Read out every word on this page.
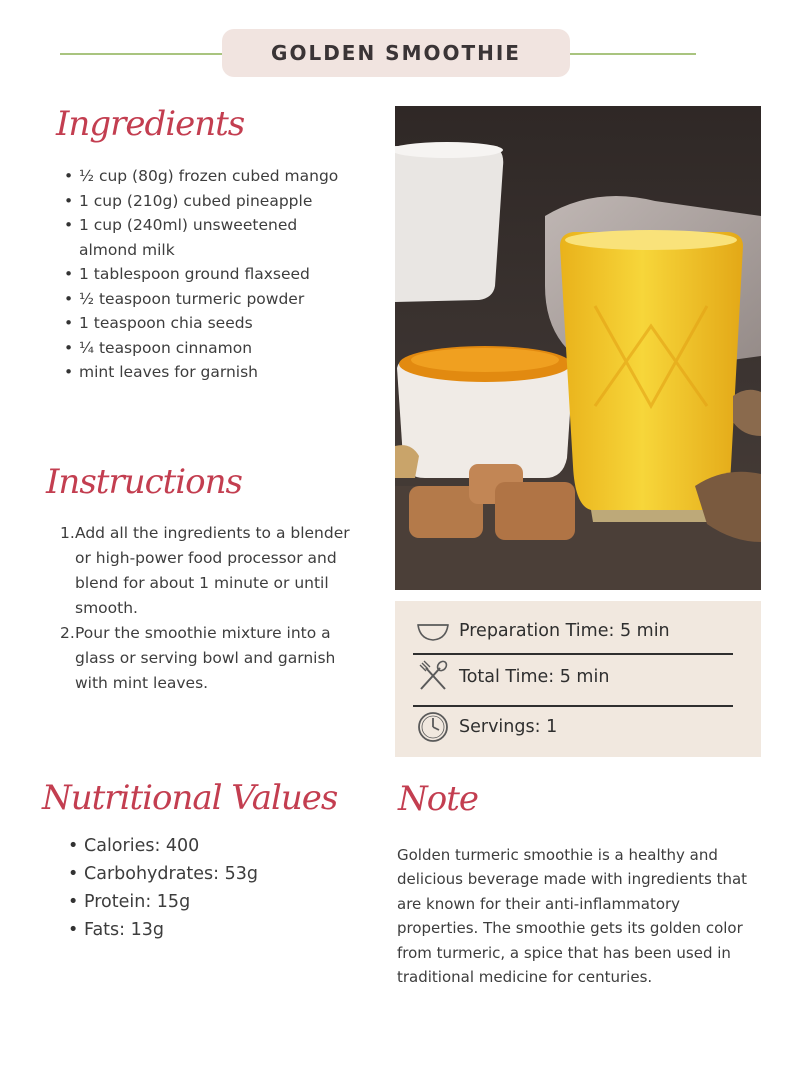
GOLDEN SMOOTHIE
Ingredients
• ½ cup (80g) frozen cubed mango
• 1 cup (210g) cubed pineapple
• 1 cup (240ml) unsweetened almond milk
• 1 tablespoon ground flaxseed
• ½ teaspoon turmeric powder
• 1 teaspoon chia seeds
• ¼ teaspoon cinnamon
• mint leaves for garnish
Instructions
1. Add all the ingredients to a blender or high-power food processor and blend for about 1 minute or until smooth.
2. Pour the smoothie mixture into a glass or serving bowl and garnish with mint leaves.
Preparation Time: 5 min
Total Time: 5 min
Servings: 1
Nutritional Values
• Calories: 400
• Carbohydrates: 53g
• Protein: 15g
• Fats: 13g
Note
Golden turmeric smoothie is a healthy and delicious beverage made with ingredients that are known for their anti-inflammatory properties. The smoothie gets its golden color from turmeric, a spice that has been used in traditional medicine for centuries.
